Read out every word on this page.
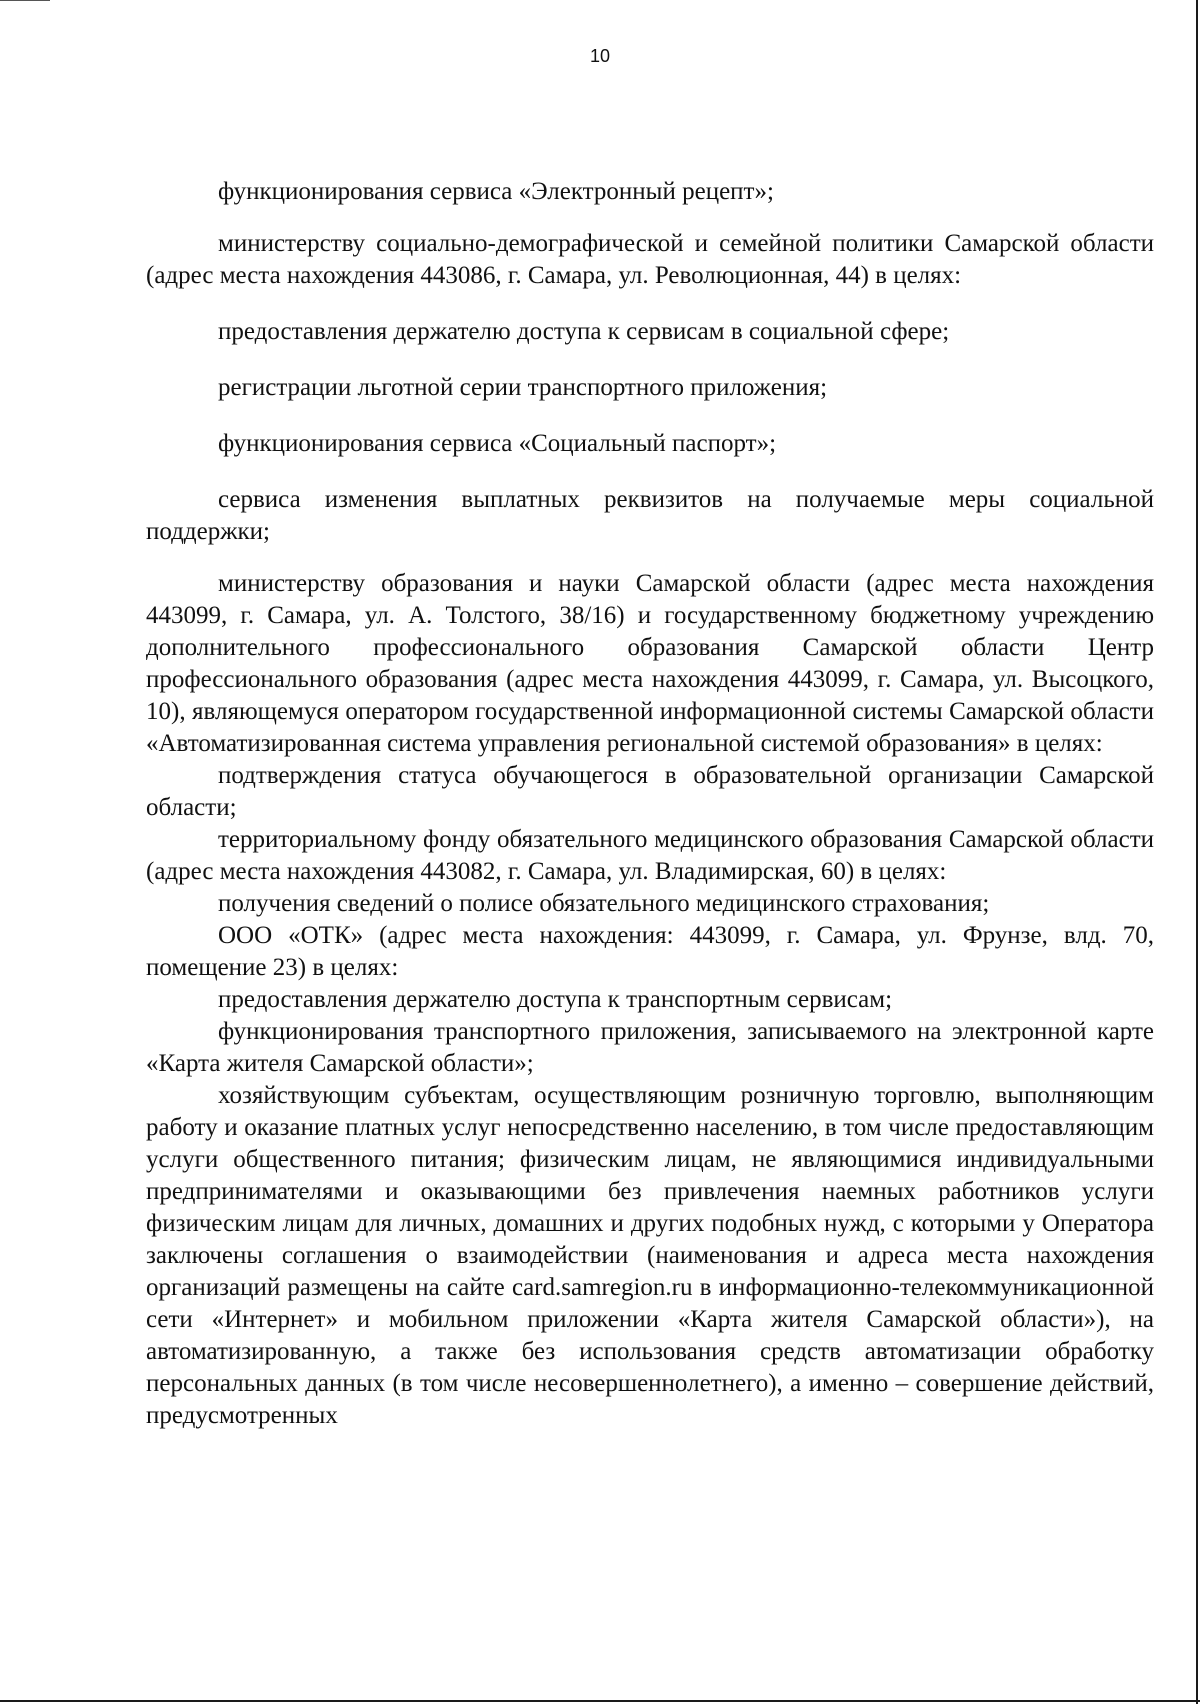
10

функционирования сервиса «Электронный рецепт»;

министерству социально-демографической и семейной политики Самарской области (адрес места нахождения 443086, г. Самара, ул. Революционная, 44) в целях:

предоставления держателю доступа к сервисам в социальной сфере;

регистрации льготной серии транспортного приложения;

функционирования сервиса «Социальный паспорт»;

сервиса изменения выплатных реквизитов на получаемые меры социальной поддержки;

министерству образования и науки Самарской области (адрес места нахождения 443099, г. Самара, ул. А. Толстого, 38/16) и государственному бюджетному учреждению дополнительного профессионального образования Самарской области Центр профессионального образования (адрес места нахождения 443099, г. Самара, ул. Высоцкого, 10), являющемуся оператором государственной информационной системы Самарской области «Автоматизированная система управления региональной системой образования» в целях:

подтверждения статуса обучающегося в образовательной организации Самарской области;

территориальному фонду обязательного медицинского образования Самарской области (адрес места нахождения 443082, г. Самара, ул. Владимирская, 60) в целях:

получения сведений о полисе обязательного медицинского страхования;

ООО «ОТК» (адрес места нахождения: 443099, г. Самара, ул. Фрунзе, влд. 70, помещение 23) в целях:

предоставления держателю доступа к транспортным сервисам;

функционирования транспортного приложения, записываемого на электронной карте «Карта жителя Самарской области»;

хозяйствующим субъектам, осуществляющим розничную торговлю, выполняющим работу и оказание платных услуг непосредственно населению, в том числе предоставляющим услуги общественного питания; физическим лицам, не являющимися индивидуальными предпринимателями и оказывающими без привлечения наемных работников услуги физическим лицам для личных, домашних и других подобных нужд, с которыми у Оператора заключены соглашения о взаимодействии (наименования и адреса места нахождения организаций размещены на сайте card.samregion.ru в информационно-телекоммуникационной сети «Интернет» и мобильном приложении «Карта жителя Самарской области»), на автоматизированную, а также без использования средств автоматизации обработку персональных данных (в том числе несовершеннолетнего), а именно – совершение действий, предусмотренных
